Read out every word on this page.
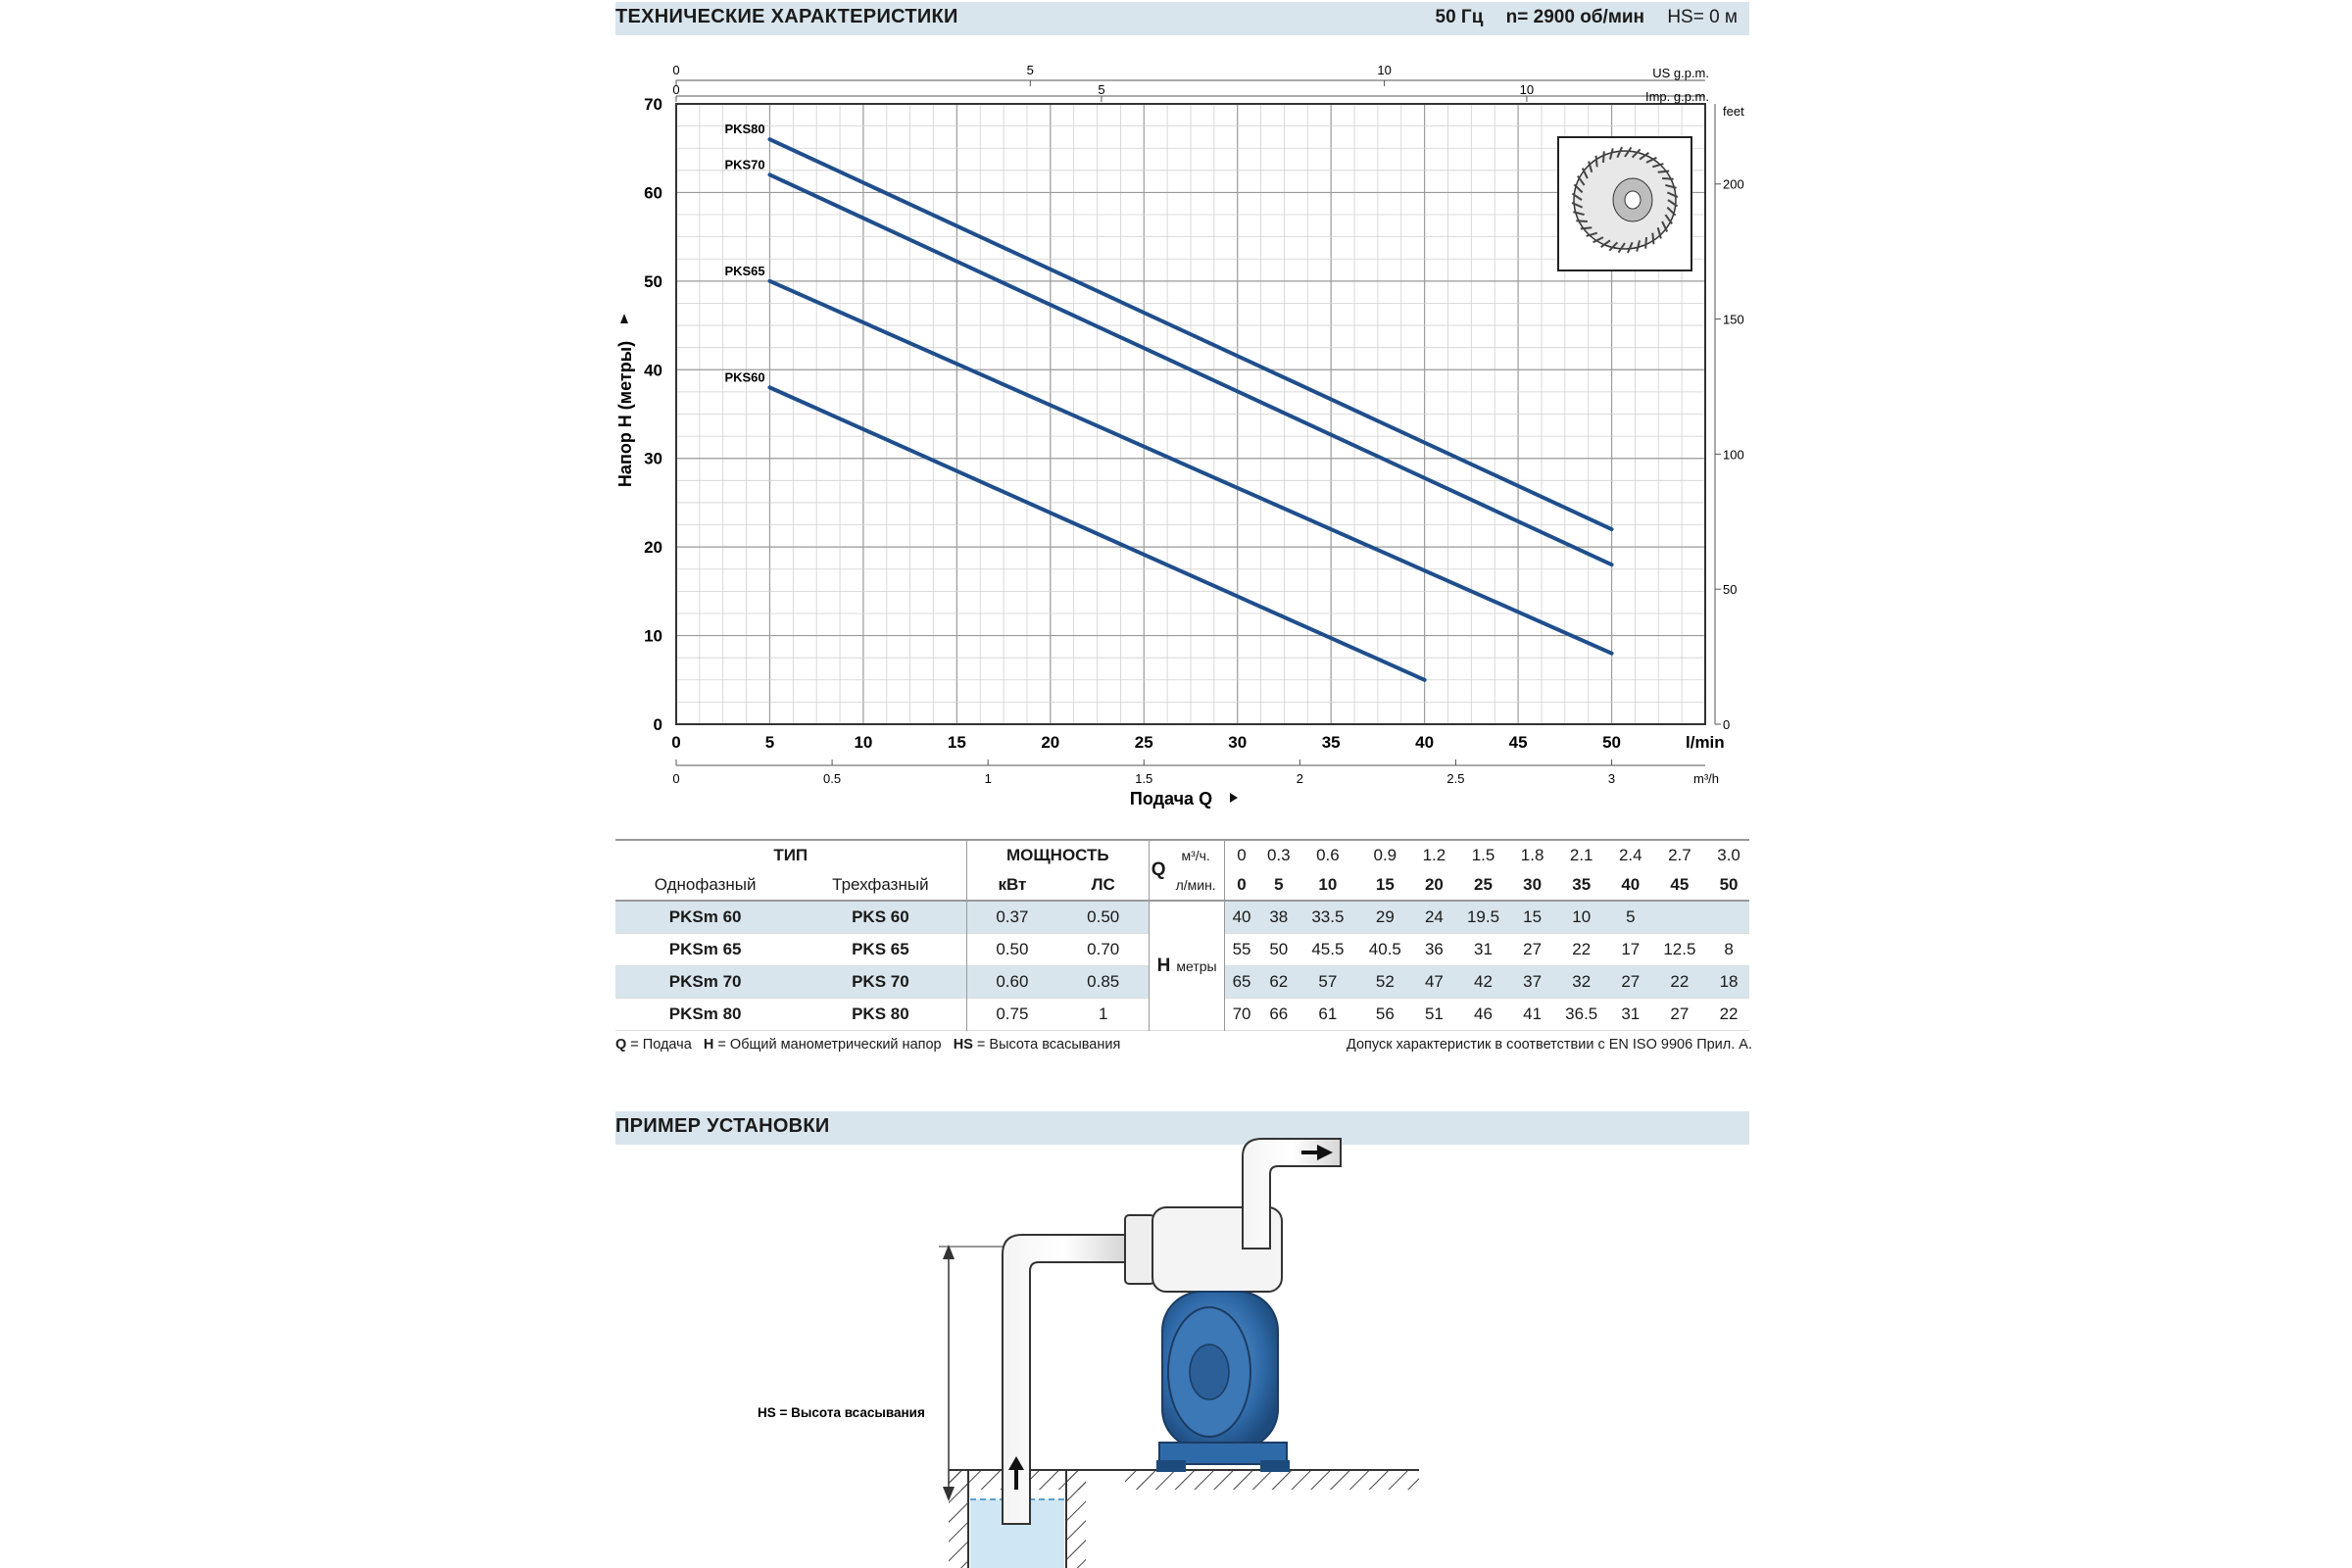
ТЕХНИЧЕСКИЕ ХАРАКТЕРИСТИКИ	50 Гц n= 2900 об/мин HS= 0 м
0
10
20
30
40
50
60
70
0	5	10	15	20	25	30	35	40	45	50	l/min
Напор H (метры)
0	5	10
0	5	10
US g.p.m.
Imp. g.p.m.
0	0.5	1	1.5	2	2.5	3	m³/h
Подача Q
0
50
100
150
200
feet
PKS80
PKS70
PKS65
PKS60
ТИП		МОЩНОСТЬ		Q	м³/ч.	0	0.3	0.6	0.9	1.2	1.5	1.8	2.1	2.4	2.7	3.0
Однофазный	Трехфазный	кВт	ЛС		л/мин.	0	5	10	15	20	25	30	35	40	45	50
PKSm 60	PKS 60	0.37	0.50	H метры		40	38	33.5	29	24	19.5	15	10	5		
PKSm 65	PKS 65	0.50	0.70			55	50	45.5	40.5	36	31	27	22	17	12.5	8
PKSm 70	PKS 70	0.60	0.85			65	62	57	52	47	42	37	32	27	22	18
PKSm 80	PKS 80	0.75	1			70	66	61	56	51	46	41	36.5	31	27	22
Q = Подача H = Общий манометрический напор HS = Высота всасывания	Допуск характеристик в соответствии с EN ISO 9906 Прил. А.
ПРИМЕР УСТАНОВКИ
HS = Высота всасывания
